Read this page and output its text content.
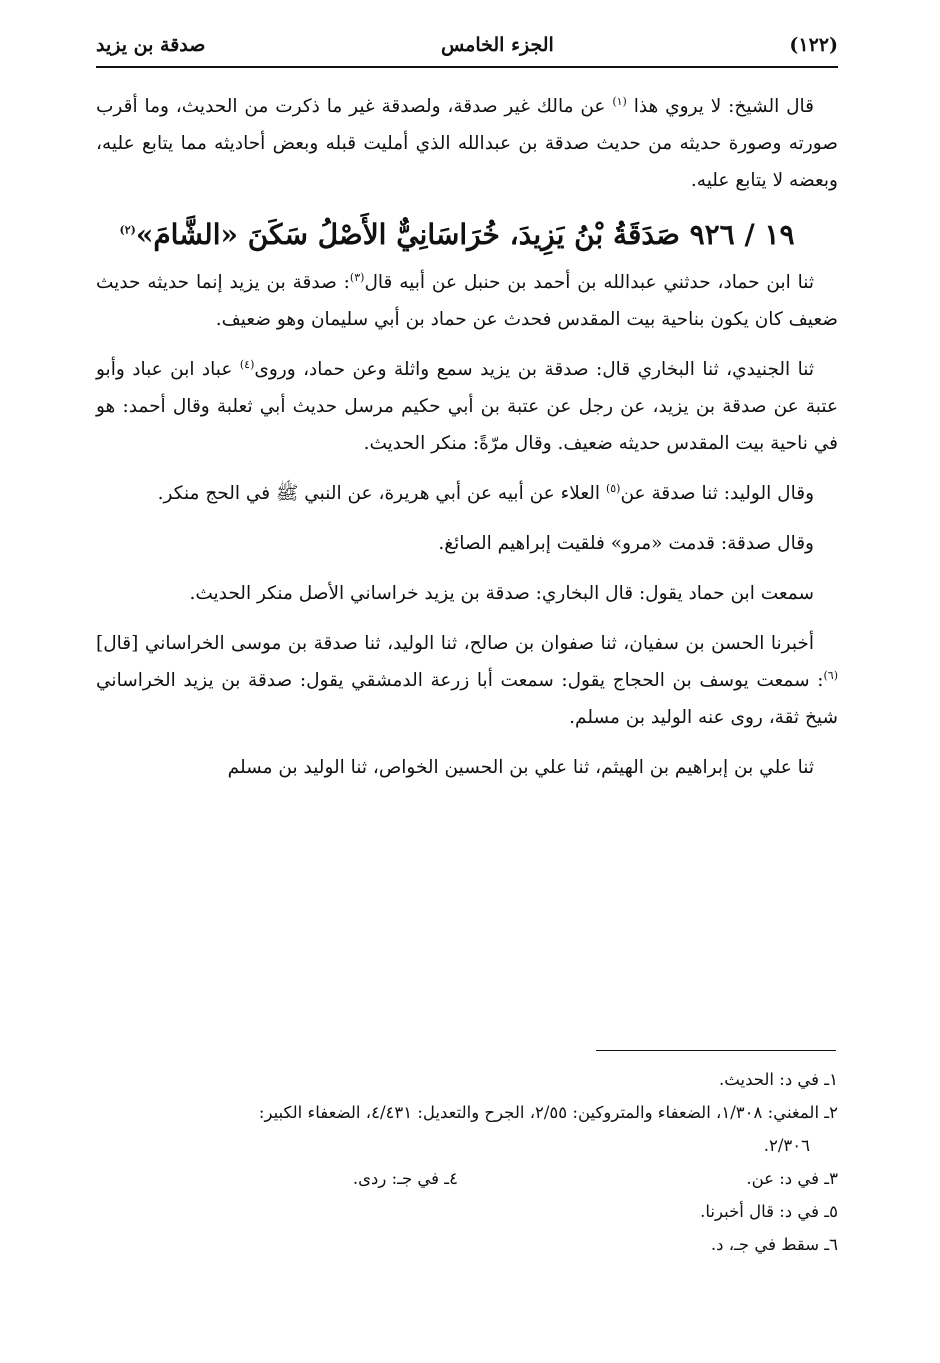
(١٢٢)
الجزء الخامس
صدقة بن يزيد

قال الشيخ: لا يروي هذا $^{(١)}$ عن مالك غير صدقة، ولصدقة غير ما ذكرت من الحديث، وما أقرب صورته وصورة حديثه من حديث صدقة بن عبدالله الذي أمليت قبله وبعض أحاديثه مما يتابع عليه، وبعضه لا يتابع عليه.

١٩ / ٩٢٦ صَدَقَةُ بْنُ يَزِيدَ، خُرَاسَانِيٌّ الأَصْلُ سَكَنَ «الشَّامَ»$^{(٢)}$

ثنا ابن حماد، حدثني عبدالله بن أحمد بن حنبل عن أبيه قال$^{(٣)}$: صدقة بن يزيد إنما حديثه حديث ضعيف كان يكون بناحية بيت المقدس فحدث عن حماد بن أبي سليمان وهو ضعيف.

ثنا الجنيدي، ثنا البخاري قال: صدقة بن يزيد سمع واثلة وعن حماد، وروى$^{(٤)}$ عباد ابن عباد وأبو عتبة عن صدقة بن يزيد، عن رجل عن عتبة بن أبي حكيم مرسل حديث أبي ثعلبة وقال أحمد: هو في ناحية بيت المقدس حديثه ضعيف. وقال مرّةً: منكر الحديث.

وقال الوليد: ثنا صدقة عن$^{(٥)}$ العلاء عن أبيه عن أبي هريرة، عن النبي ﷺ في الحج منكر.

وقال صدقة: قدمت «مرو» فلقيت إبراهيم الصائغ.

سمعت ابن حماد يقول: قال البخاري: صدقة بن يزيد خراساني الأصل منكر الحديث.

أخبرنا الحسن بن سفيان، ثنا صفوان بن صالح، ثنا الوليد، ثنا صدقة بن موسى الخراساني [قال]$^{(٦)}$: سمعت يوسف بن الحجاج يقول: سمعت أبا زرعة الدمشقي يقول: صدقة بن يزيد الخراساني شيخ ثقة، روى عنه الوليد بن مسلم.

ثنا علي بن إبراهيم بن الهيثم، ثنا علي بن الحسين الخواص، ثنا الوليد بن مسلم

١ـ في د: الحديث.

٢ـ المغني: ١/٣٠٨، الضعفاء والمتروكين: ٢/٥٥، الجرح والتعديل: ٤/٤٣١، الضعفاء الكبير:

٢/٣٠٦.

٣ـ في د: عن.

٤ـ في جـ: ردى.

٥ـ في د: قال أخبرنا.

٦ـ سقط في جـ، د.
